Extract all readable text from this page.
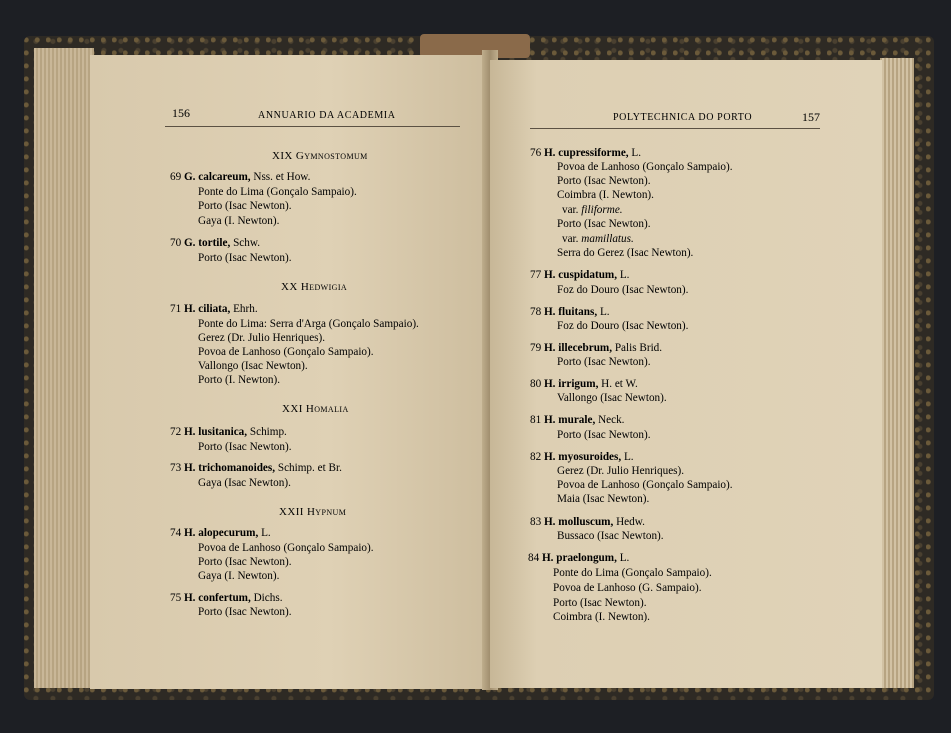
156	ANNUARIO DA ACADEMIA
XIX Gymnostomum
69 G. calcareum, Nss. et How.
Ponte do Lima (Gonçalo Sampaio).
Porto (Isac Newton).
Gaya (I. Newton).
70 G. tortile, Schw.
Porto (Isac Newton).
XX Hedwigia
71 H. ciliata, Ehrh.
Ponte do Lima: Serra d'Arga (Gonçalo Sampaio).
Gerez (Dr. Julio Henriques).
Povoa de Lanhoso (Gonçalo Sampaio).
Vallongo (Isac Newton).
Porto (I. Newton).
XXI Homalia
72 H. lusitanica, Schimp.
Porto (Isac Newton).
73 H. trichomanoides, Schimp. et Br.
Gaya (Isac Newton).
XXII Hypnum
74 H. alopecurum, L.
Povoa de Lanhoso (Gonçalo Sampaio).
Porto (Isac Newton).
Gaya (I. Newton).
75 H. confertum, Dichs.
Porto (Isac Newton).
POLYTECHNICA DO PORTO	157
76 H. cupressiforme, L.
Povoa de Lanhoso (Gonçalo Sampaio).
Porto (Isac Newton).
Coimbra (I. Newton).
var. filiforme.
Porto (Isac Newton).
var. mamillatus.
Serra do Gerez (Isac Newton).
77 H. cuspidatum, L.
Foz do Douro (Isac Newton).
78 H. fluitans, L.
Foz do Douro (Isac Newton).
79 H. illecebrum, Palis Brid.
Porto (Isac Newton).
80 H. irrigum, H. et W.
Vallongo (Isac Newton).
81 H. murale, Neck.
Porto (Isac Newton).
82 H. myosuroides, L.
Gerez (Dr. Julio Henriques).
Povoa de Lanhoso (Gonçalo Sampaio).
Maia (Isac Newton).
83 H. molluscum, Hedw.
Bussaco (Isac Newton).
84 H. praelongum, L.
Ponte do Lima (Gonçalo Sampaio).
Povoa de Lanhoso (G. Sampaio).
Porto (Isac Newton).
Coimbra (I. Newton).
